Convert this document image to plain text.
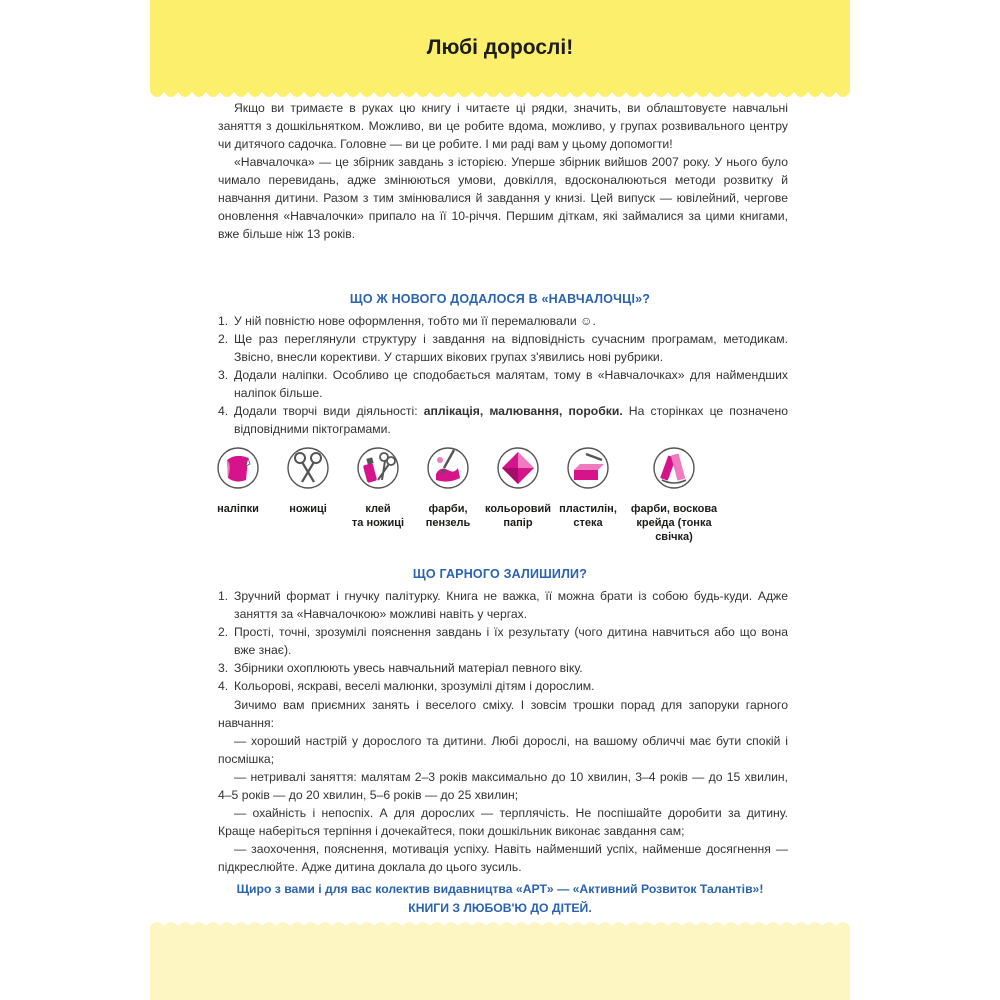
Любі дорослі!

Якщо ви тримаєте в руках цю книгу і читаєте ці рядки, значить, ви облаштовуєте навчальні заняття з дошкільнятком. Можливо, ви це робите вдома, можливо, у групах розвивального центру чи дитячого садочка. Головне — ви це робите. І ми раді вам у цьому допомогти!

«Навчалочка» — це збірник завдань з історією. Уперше збірник вийшов 2007 року. У нього було чимало перевидань, адже змінюються умови, довкілля, вдосконалюються методи розвитку й навчання дитини. Разом з тим змінювалися й завдання у книзі. Цей випуск — ювілейний, чергове оновлення «Навчалочки» припало на її 10-річчя. Першим діткам, які займалися за цими книгами, вже більше ніж 13 років.

ЩО Ж НОВОГО ДОДАЛОСЯ В «НАВЧАЛОЧЦІ»?
1. У ній повністю нове оформлення, тобто ми її перемалювали ☺.
2. Ще раз переглянули структуру і завдання на відповідність сучасним програмам, методикам. Звісно, внесли корективи. У старших вікових групах з'явились нові рубрики.
3. Додали наліпки. Особливо це сподобається малятам, тому в «Навчалочках» для наймендших наліпок більше.
4. Додали творчі види діяльності: аплікація, малювання, поробки. На сторінках це позначено відповідними піктограмами.
наліпки	ножиці	клей
та ножиці
фарби,
пензель
кольоровий
папір
пластилін,
стека
фарби, воскова
крейда (тонка
свічка)
ЩО ГАРНОГО ЗАЛИШИЛИ?
1. Зручний формат і гнучку палітурку. Книга не важка, її можна брати із собою будь-куди. Адже заняття за «Навчалочкою» можливі навіть у чергах.
2. Прості, точні, зрозумілі пояснення завдань і їх результату (чого дитина навчиться або що вона вже знає).
3. Збірники охоплюють увесь навчальний матеріал певного віку.
4. Кольорові, яскраві, веселі малюнки, зрозумілі дітям і дорослим.

Зичимо вам приємних занять і веселого сміху. І зовсім трошки порад для запоруки гарного навчання:

— хороший настрій у дорослого та дитини. Любі дорослі, на вашому обличчі має бути спокій і посмішка;

— нетривалі заняття: малятам 2–3 років максимально до 10 хвилин, 3–4 років — до 15 хвилин, 4–5 років — до 20 хвилин, 5–6 років — до 25 хвилин;

— охайність і непоспіх. А для дорослих — терплячість. Не поспішайте доробити за дитину. Краще наберіться терпіння і дочекайтеся, поки дошкільник виконає завдання сам;

— заохочення, пояснення, мотивація успіху. Навіть найменший успіх, найменше досягнення — підкреслюйте. Адже дитина доклала до цього зусиль.

Щиро з вами і для вас колектив видавництва «АРТ» — «Активний Розвиток Талантів»!
КНИГИ З ЛЮБОВ'Ю ДО ДІТЕЙ.
